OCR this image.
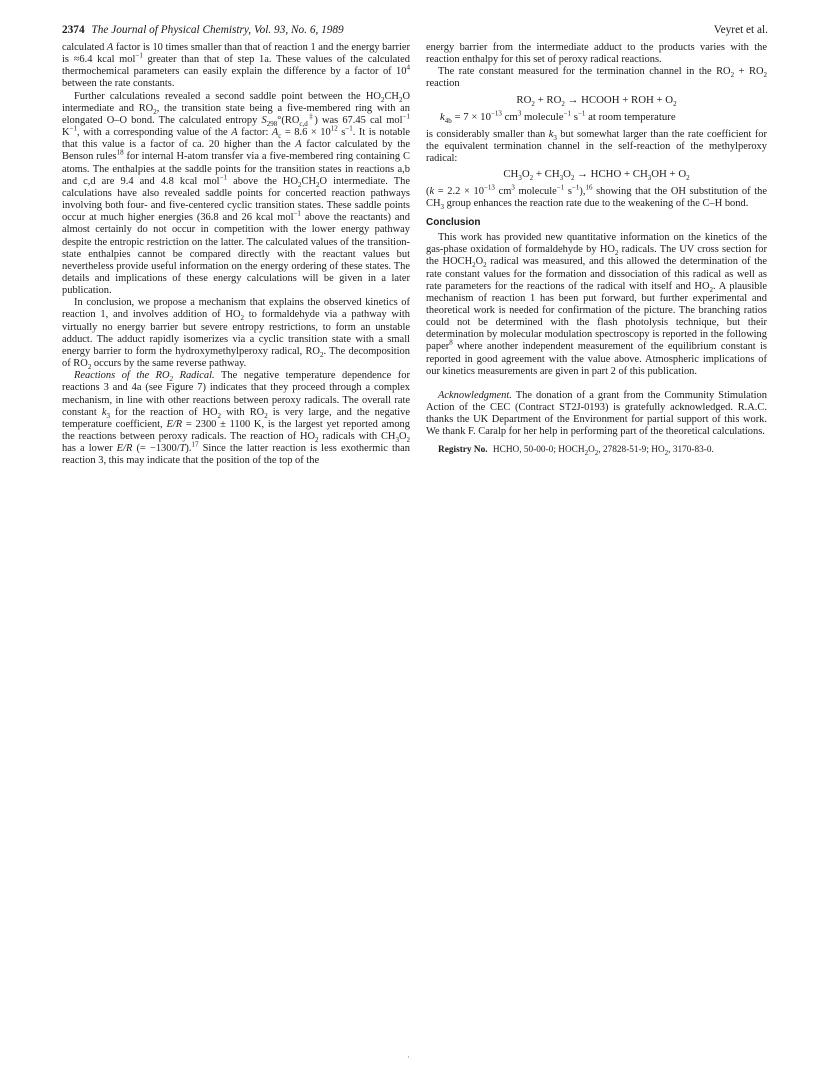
2374 The Journal of Physical Chemistry, Vol. 93, No. 6, 1989	Veyret et al.

calculated A factor is 10 times smaller than that of reaction 1 and the energy barrier is ≈6.4 kcal mol$^{-1}$ greater than that of step 1a. These values of the calculated thermochemical parameters can easily explain the difference by a factor of $10^4$ between the rate constants.

Further calculations revealed a second saddle point between the $HO_2CH_2O$ intermediate and $RO_2$, the transition state being a five-membered ring with an elongated O–O bond. The calculated entropy $S_{298}^\circ(RO_{c,d}^\ddagger)$ was 67.45 cal mol$^{-1}$ $K^{-1}$, with a corresponding value of the A factor: $A_c = 8.6 \times 10^{12}$ $s^{-1}$. It is notable that this value is a factor of ca. 20 higher than the A factor calculated by the Benson rules$^{18}$ for internal H-atom transfer via a five-membered ring containing C atoms. The enthalpies at the saddle points for the transition states in reactions a,b and c,d are 9.4 and 4.8 kcal mol$^{-1}$ above the $HO_2CH_2O$ intermediate. The calculations have also revealed saddle points for concerted reaction pathways involving both four- and five-centered cyclic transition states. These saddle points occur at much higher energies (36.8 and 26 kcal mol$^{-1}$ above the reactants) and almost certainly do not occur in competition with the lower energy pathway despite the entropic restriction on the latter. The calculated values of the transition-state enthalpies cannot be compared directly with the reactant values but nevertheless provide useful information on the energy ordering of these states. The details and implications of these energy calculations will be given in a later publication.

In conclusion, we propose a mechanism that explains the observed kinetics of reaction 1, and involves addition of $HO_2$ to formaldehyde via a pathway with virtually no energy barrier but severe entropy restrictions, to form an unstable adduct. The adduct rapidly isomerizes via a cyclic transition state with a small energy barrier to form the hydroxymethylperoxy radical, $RO_2$. The decomposition of $RO_2$ occurs by the same reverse pathway.

Reactions of the $RO_2$ Radical. The negative temperature dependence for reactions 3 and 4a (see Figure 7) indicates that they proceed through a complex mechanism, in line with other reactions between peroxy radicals. The overall rate constant $k_3$ for the reaction of $HO_2$ with $RO_2$ is very large, and the negative temperature coefficient, E/R = 2300 ± 1100 K, is the largest yet reported among the reactions between peroxy radicals. The reaction of $HO_2$ radicals with $CH_3O_2$ has a lower E/R (= −1300/T).$^{17}$ Since the latter reaction is less exothermic than reaction 3, this may indicate that the position of the top of the

energy barrier from the intermediate adduct to the products varies with the reaction enthalpy for this set of peroxy radical reactions.

The rate constant measured for the termination channel in the $RO_2 + RO_2$ reaction

$RO_2 + RO_2$ → HCOOH + ROH + $O_2$
$k_{4b} = 7 \times 10^{-13}$ $cm^3$ molecule$^{-1}$ $s^{-1}$ at room temperature

is considerably smaller than $k_3$ but somewhat larger than the rate coefficient for the equivalent termination channel in the self-reaction of the methylperoxy radical:

$CH_3O_2 + CH_3O_2$ → HCHO + $CH_3OH + O_2$

($k = 2.2 \times 10^{-13}$ $cm^3$ molecule$^{-1}$ $s^{-1}),^{16}$ showing that the OH substitution of the $CH_3$ group enhances the reaction rate due to the weakening of the C–H bond.

Conclusion

This work has provided new quantitative information on the kinetics of the gas-phase oxidation of formaldehyde by $HO_2$ radicals. The UV cross section for the $HOCH_2O_2$ radical was measured, and this allowed the determination of the rate constant values for the formation and dissociation of this radical as well as rate parameters for the reactions of the radical with itself and $HO_2$. A plausible mechanism of reaction 1 has been put forward, but further experimental and theoretical work is needed for confirmation of the picture. The branching ratios could not be determined with the flash photolysis technique, but their determination by molecular modulation spectroscopy is reported in the following paper$^8$ where another independent measurement of the equilibrium constant is reported in good agreement with the value above. Atmospheric implications of our kinetics measurements are given in part 2 of this publication.

Acknowledgment. The donation of a grant from the Community Stimulation Action of the CEC (Contract ST2J-0193) is gratefully acknowledged. R.A.C. thanks the UK Department of the Environment for partial support of this work. We thank F. Caralp for her help in performing part of the theoretical calculations.

Registry No. HCHO, 50-00-0; $HOCH_2O_2$, 27828-51-9; $HO_2$, 3170-83-0.

·
